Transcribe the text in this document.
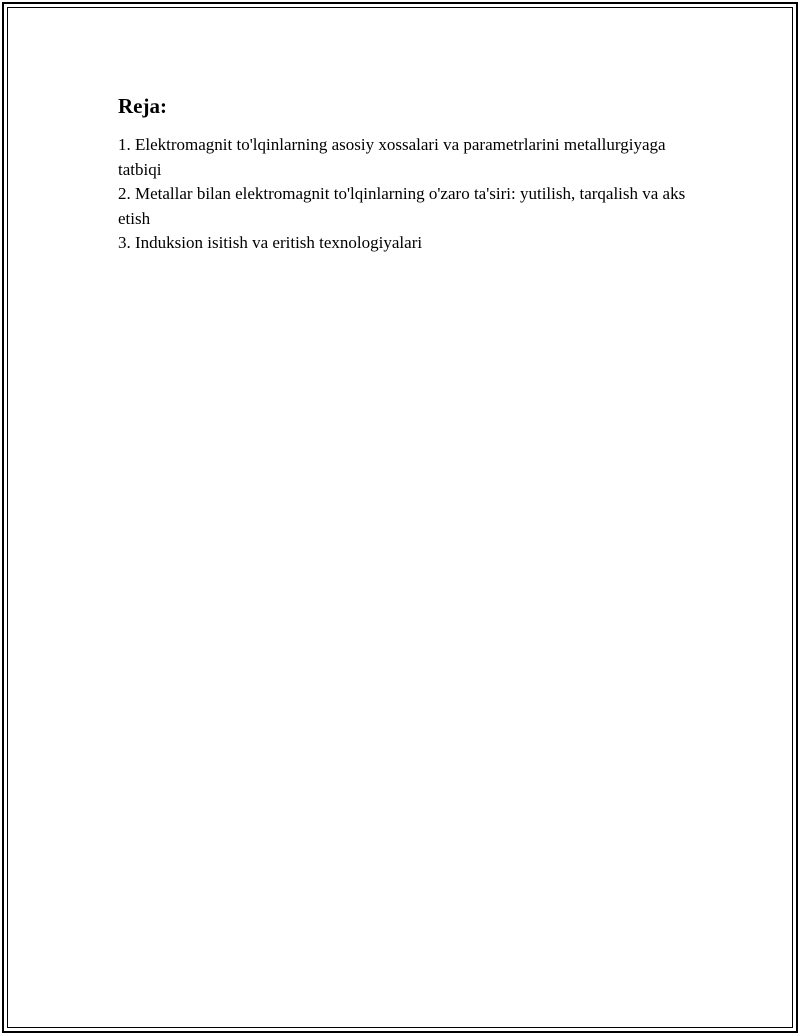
Reja:
1. Elektromagnit to'lqinlarning asosiy xossalari va parametrlarini metallurgiyaga tatbiqi
2. Metallar bilan elektromagnit to'lqinlarning o'zaro ta'siri: yutilish, tarqalish va aks etish
3. Induksion isitish va eritish texnologiyalari
